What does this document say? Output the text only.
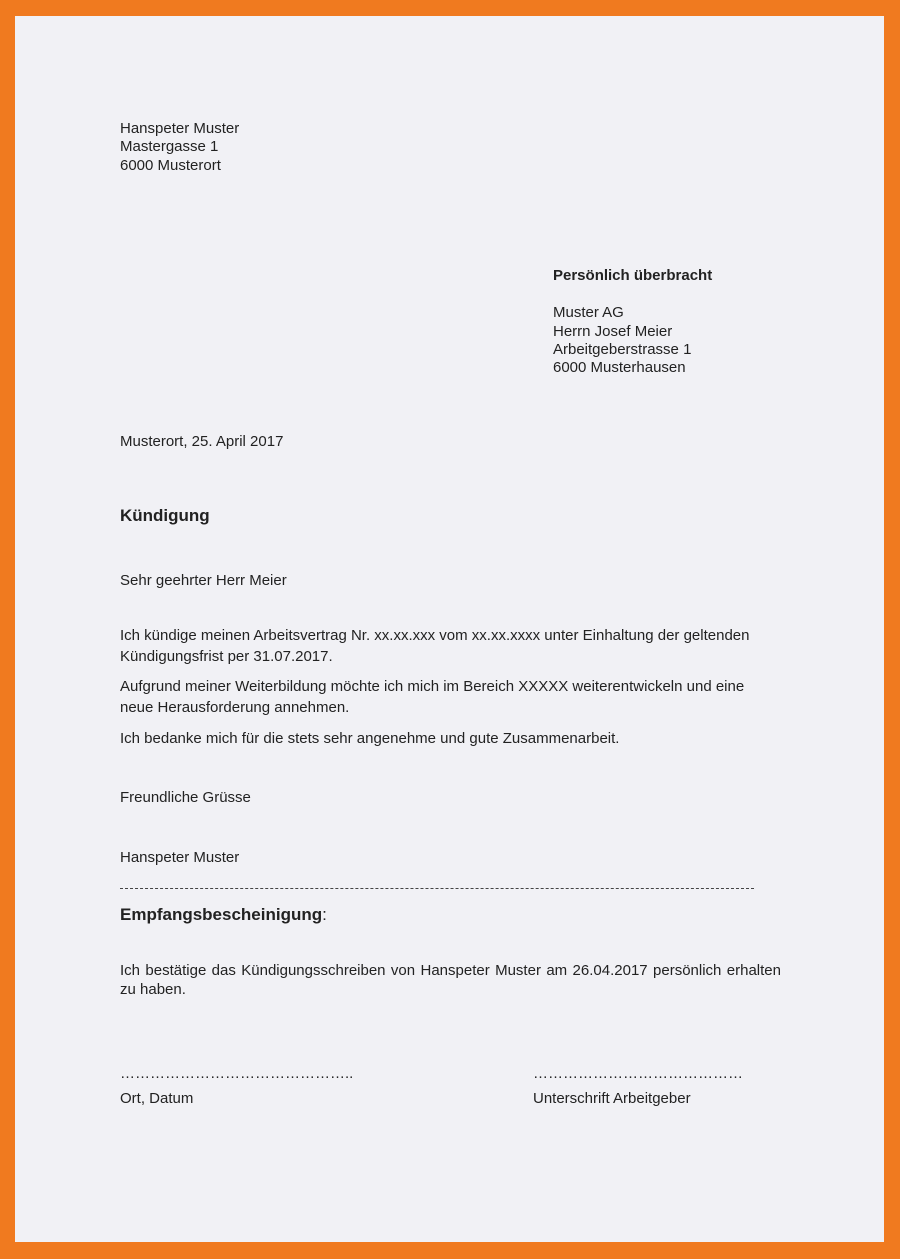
Hanspeter Muster
Mastergasse 1
6000 Musterort
Persönlich überbracht
Muster AG
Herrn Josef Meier
Arbeitgeberstrasse 1
6000 Musterhausen
Musterort, 25. April 2017
Kündigung
Sehr geehrter Herr Meier
Ich kündige meinen Arbeitsvertrag Nr. xx.xx.xxx vom xx.xx.xxxx unter Einhaltung der geltenden Kündigungsfrist per 31.07.2017.
Aufgrund meiner Weiterbildung möchte ich mich im Bereich XXXXX weiterentwickeln und eine neue Herausforderung annehmen.
Ich bedanke mich für die stets sehr angenehme und gute Zusammenarbeit.
Freundliche Grüsse
Hanspeter Muster
Empfangsbescheinigung:
Ich bestätige das Kündigungsschreiben von Hanspeter Muster am 26.04.2017 persönlich erhalten zu haben.
………………………………………..
Ort, Datum
……………………………………
Unterschrift Arbeitgeber
